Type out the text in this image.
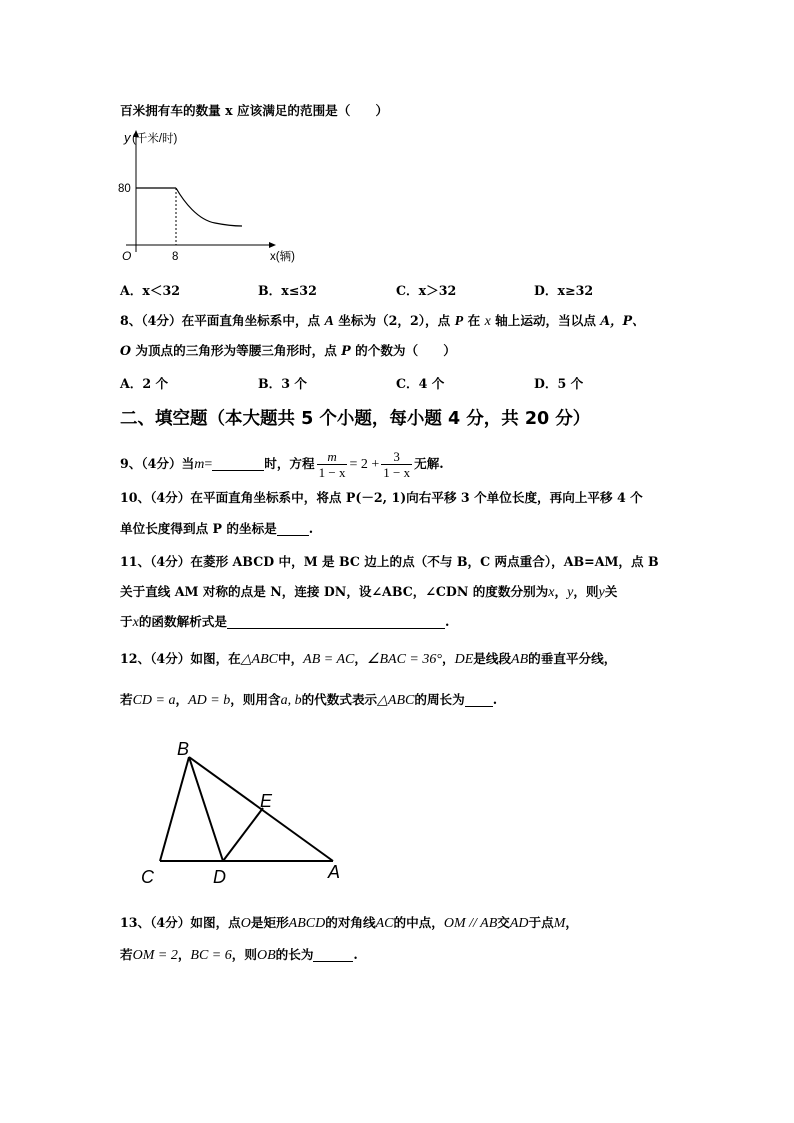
百米拥有车的数量 x 应该满足的范围是（　　）
y (千米/时)
80
8
O	x(辆)
A．x＜32	B．x≤32	C．x＞32	D．x≥32
8、（4分）在平面直角坐标系中，点 A 坐标为（2，2），点 P 在 x 轴上运动，当以点 A，P、
O 为顶点的三角形为等腰三角形时，点 P 的个数为（　　）
A．2 个	B．3 个	C．4 个	D．5 个
二、填空题（本大题共 5 个小题，每小题 4 分，共 20 分）
9、（4分）当m=	时，方程 $\frac{m}{1 - x} = 2 + \frac{3}{1 - x}$ 无解.
10、（4分）在平面直角坐标系中，将点 P(－2, 1)向右平移 3 个单位长度，再向上平移 4 个
单位长度得到点 P 的坐标是	.
11、（4分）在菱形 ABCD 中，M 是 BC 边上的点（不与 B，C 两点重合），AB=AM，点 B
关于直线 AM 对称的点是 N，连接 DN，设∠ABC，∠CDN 的度数分别为x，y，则y关
于x的函数解析式是	.
12、（4分）如图，在△ABC中，AB = AC，∠BAC = 36°，DE是线段AB的垂直平分线，
若CD = a，AD = b，则用含a, b的代数式表示△ABC的周长为 .
B
E
C	D	A
13、（4分）如图，点O是矩形ABCD的对角线AC的中点，OM // AB交AD于点M，
若OM = 2，BC = 6，则OB的长为	.
